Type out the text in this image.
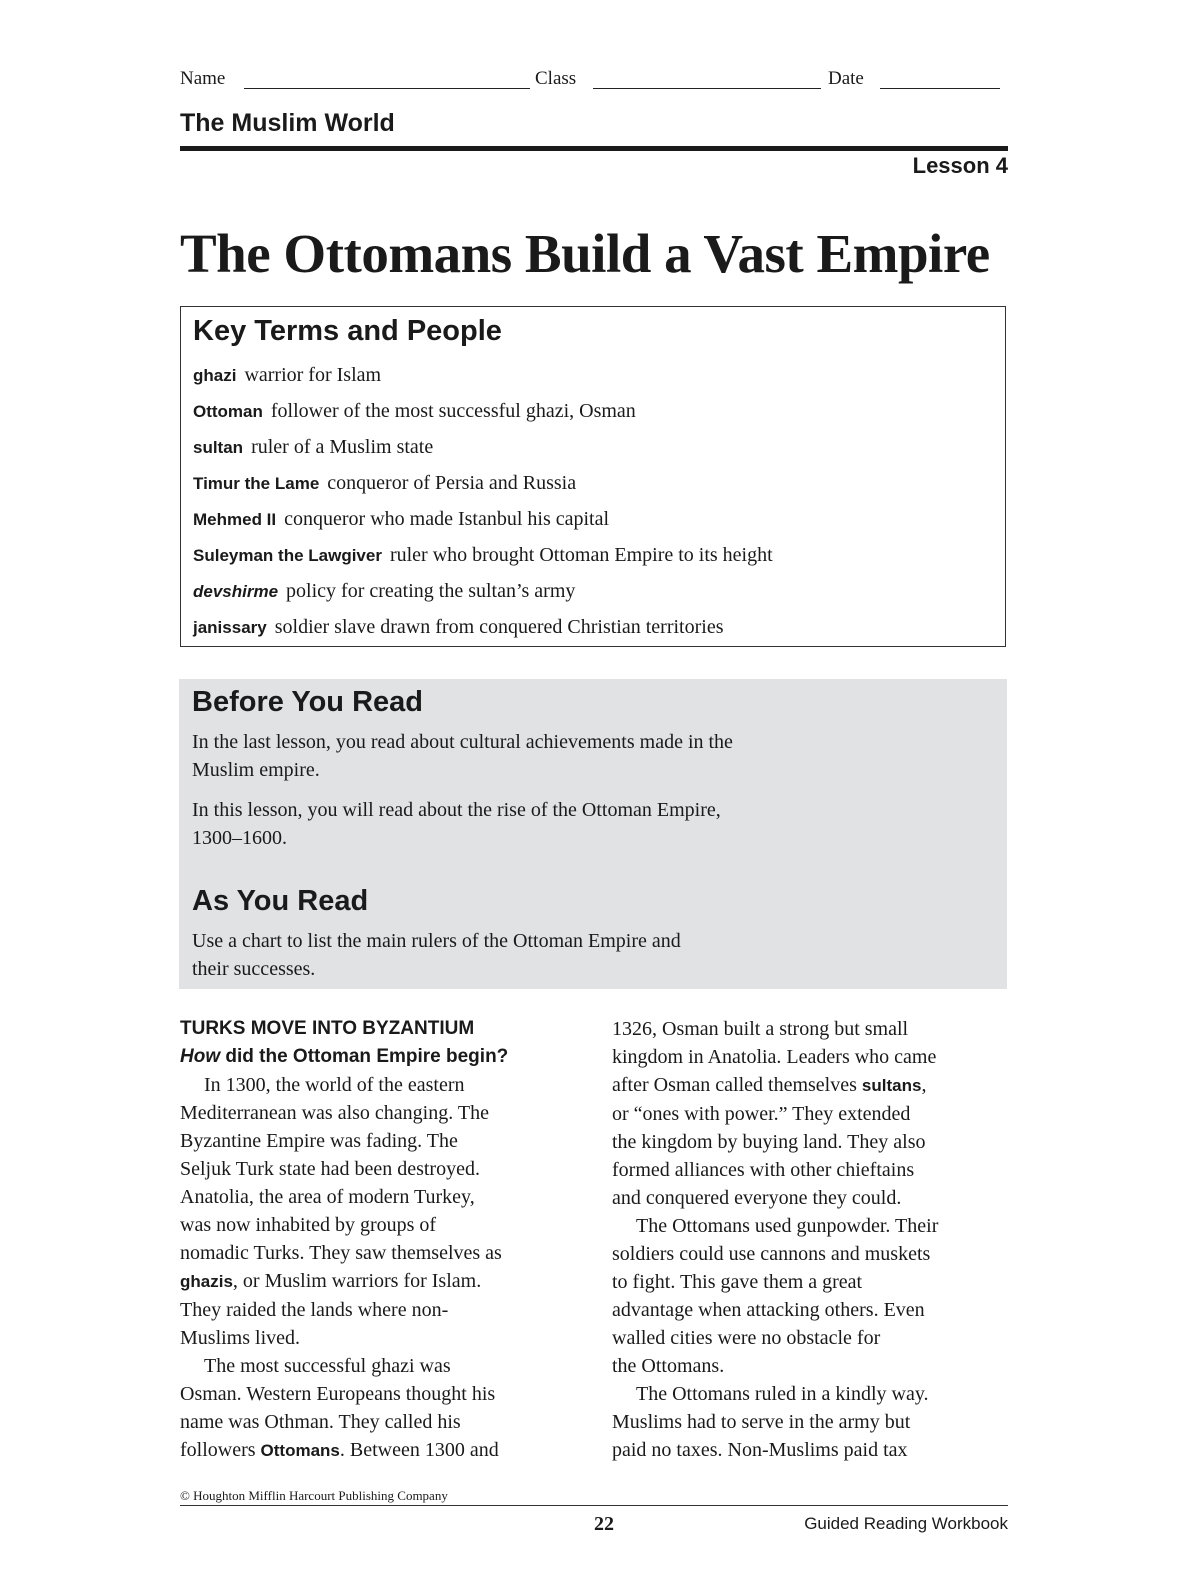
Name	Class	Date
The Muslim World
Lesson 4
The Ottomans Build a Vast Empire
Key Terms and People
ghazi warrior for Islam
Ottoman follower of the most successful ghazi, Osman
sultan ruler of a Muslim state
Timur the Lame conqueror of Persia and Russia
Mehmed II conqueror who made Istanbul his capital
Suleyman the Lawgiver ruler who brought Ottoman Empire to its height
devshirme policy for creating the sultan’s army
janissary soldier slave drawn from conquered Christian territories
Before You Read

In the last lesson, you read about cultural achievements made in the
Muslim empire.

In this lesson, you will read about the rise of the Ottoman Empire,
1300–1600.

As You Read

Use a chart to list the main rulers of the Ottoman Empire and
their successes.

TURKS MOVE INTO BYZANTIUM
How did the Ottoman Empire begin?
In 1300, the world of the eastern
Mediterranean was also changing. The
Byzantine Empire was fading. The
Seljuk Turk state had been destroyed.
Anatolia, the area of modern Turkey,
was now inhabited by groups of
nomadic Turks. They saw themselves as
ghazis, or Muslim warriors for Islam.
They raided the lands where non-
Muslims lived.
The most successful ghazi was
Osman. Western Europeans thought his
name was Othman. They called his
followers Ottomans. Between 1300 and
1326, Osman built a strong but small
kingdom in Anatolia. Leaders who came
after Osman called themselves sultans,
or “ones with power.” They extended
the kingdom by buying land. They also
formed alliances with other chieftains
and conquered everyone they could.
The Ottomans used gunpowder. Their
soldiers could use cannons and muskets
to fight. This gave them a great
advantage when attacking others. Even
walled cities were no obstacle for
the Ottomans.
The Ottomans ruled in a kindly way.
Muslims had to serve in the army but
paid no taxes. Non-Muslims paid tax
© Houghton Mifflin Harcourt Publishing Company
22	Guided Reading Workbook
